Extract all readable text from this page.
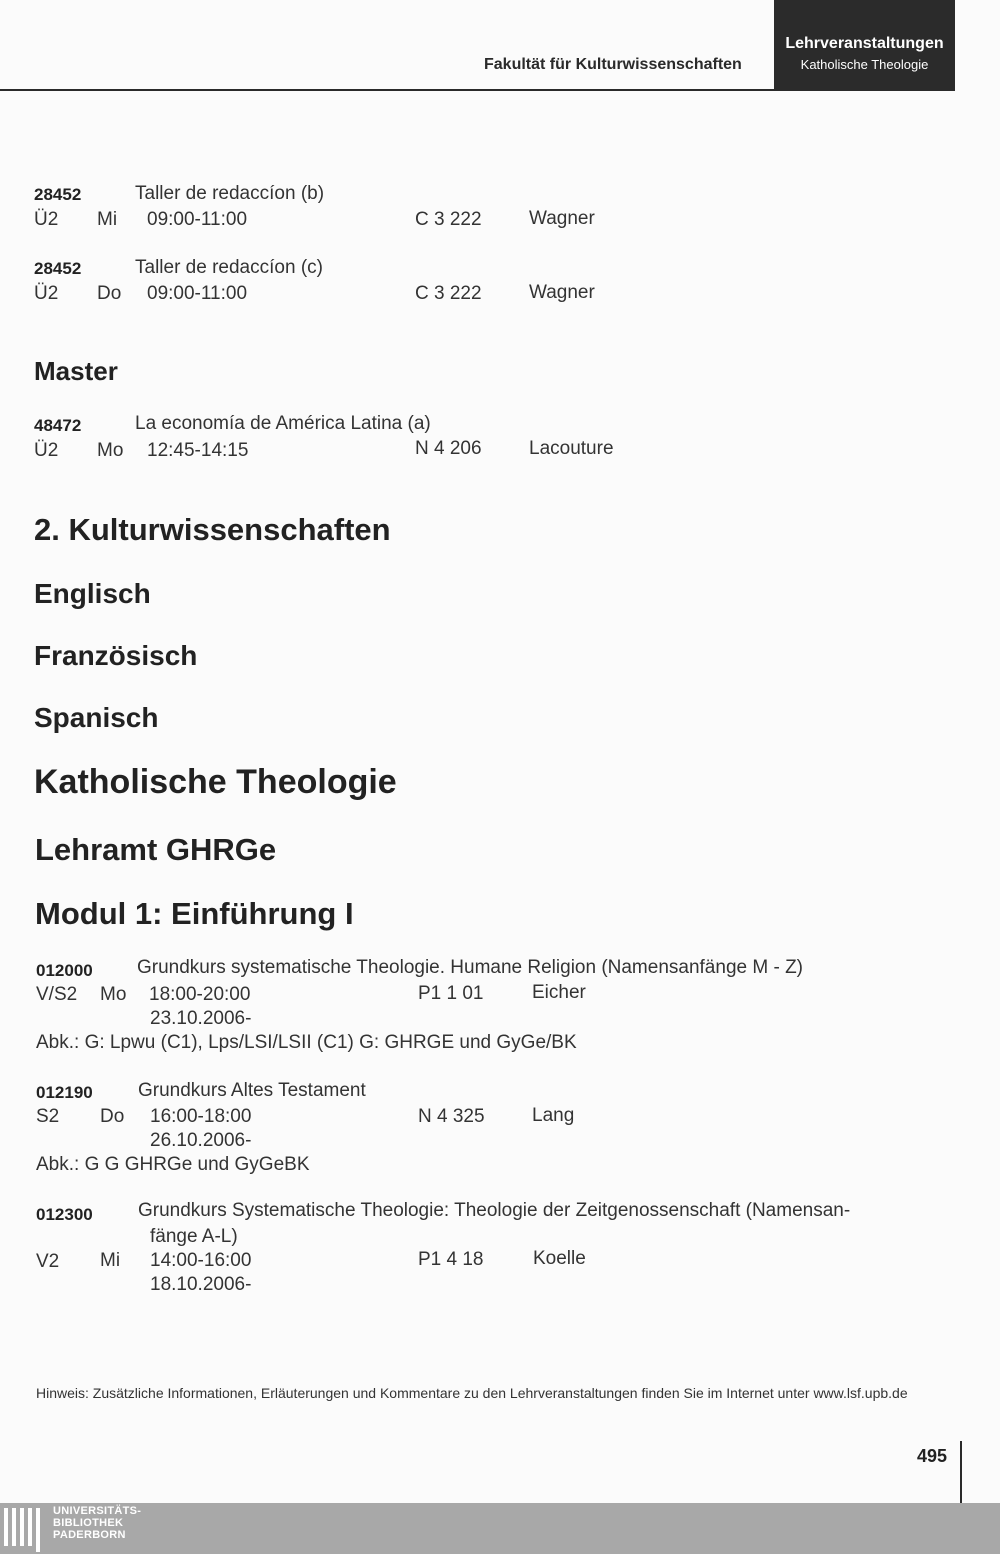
Fakultät für Kulturwissenschaften
Lehrveranstaltungen
Katholische Theologie
28452	Taller de redaccíon (b)
Ü2 Mi 09:00-11:00	C 3 222 Wagner
28452	Taller de redaccíon (c)
Ü2 Do 09:00-11:00	C 3 222 Wagner
Master
48472	La economía de América Latina (a)
Ü2 Mo 12:45-14:15	N 4 206 Lacouture
2. Kulturwissenschaften
Englisch
Französisch
Spanisch
Katholische Theologie
Lehramt GHRGe
Modul 1: Einführung I
012000 Grundkurs systematische Theologie. Humane Religion (Namensanfänge M - Z)
V/S2 Mo 18:00-20:00	P1 1 01	Eicher
23.10.2006-
Abk.: G: Lpwu (C1), Lps/LSI/LSII (C1) G: GHRGE und GyGe/BK
012190 Grundkurs Altes Testament
S2 Do 16:00-18:00	N 4 325 Lang
26.10.2006-
Abk.: G G GHRGe und GyGeBK
012300 Grundkurs Systematische Theologie: Theologie der Zeitgenossenschaft (Namensan-
fänge A-L)
V2 Mi 14:00-16:00	P1 4 18	Koelle
18.10.2006-
Hinweis: Zusätzliche Informationen, Erläuterungen und Kommentare zu den Lehrveranstaltungen finden Sie im Internet unter www.lsf.upb.de
495
UNIVERSITÄTS-
BIBLIOTHEK
PADERBORN
